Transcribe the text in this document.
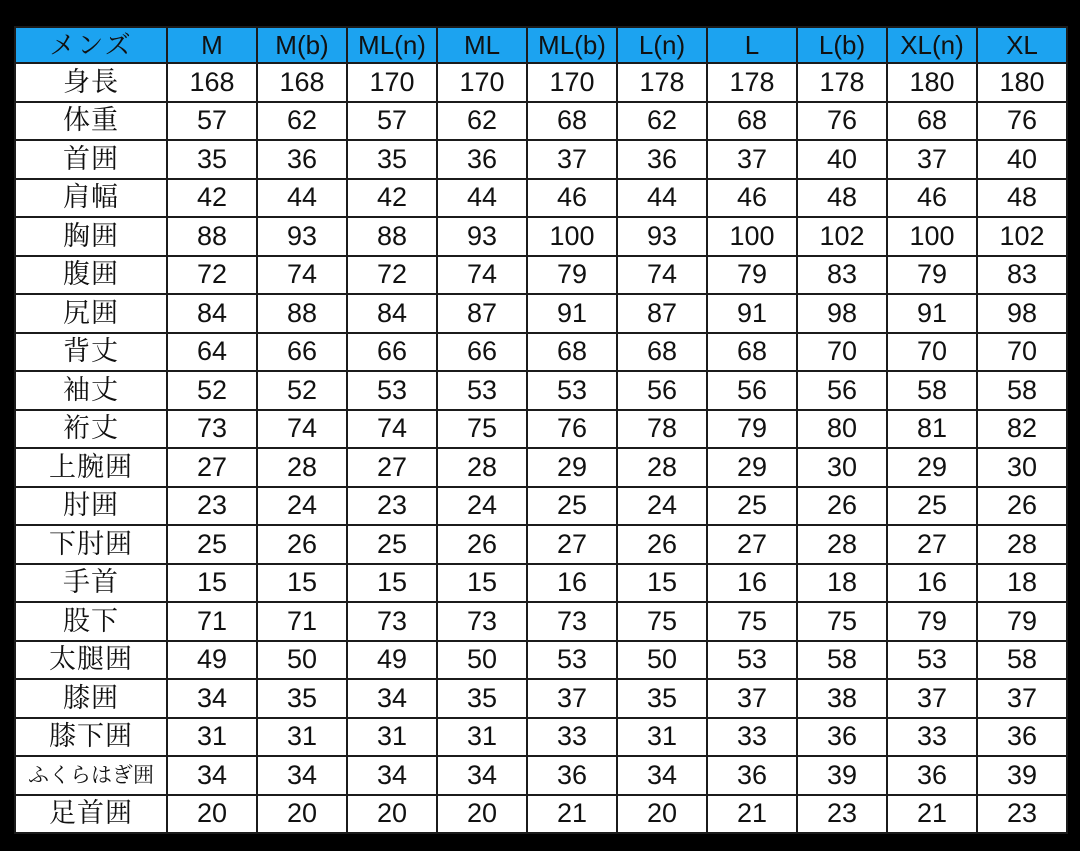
メンズ	M	M(b)	ML(n)	ML	ML(b)	L(n)	L	L(b)	XL(n)	XL
身長	168	168	170	170	170	178	178	178	180	180
体重	57	62	57	62	68	62	68	76	68	76
首囲	35	36	35	36	37	36	37	40	37	40
肩幅	42	44	42	44	46	44	46	48	46	48
胸囲	88	93	88	93	100	93	100	102	100	102
腹囲	72	74	72	74	79	74	79	83	79	83
尻囲	84	88	84	87	91	87	91	98	91	98
背丈	64	66	66	66	68	68	68	70	70	70
袖丈	52	52	53	53	53	56	56	56	58	58
裄丈	73	74	74	75	76	78	79	80	81	82
上腕囲	27	28	27	28	29	28	29	30	29	30
肘囲	23	24	23	24	25	24	25	26	25	26
下肘囲	25	26	25	26	27	26	27	28	27	28
手首	15	15	15	15	16	15	16	18	16	18
股下	71	71	73	73	73	75	75	75	79	79
太腿囲	49	50	49	50	53	50	53	58	53	58
膝囲	34	35	34	35	37	35	37	38	37	37
膝下囲	31	31	31	31	33	31	33	36	33	36
ふくらはぎ囲	34	34	34	34	36	34	36	39	36	39
足首囲	20	20	20	20	21	20	21	23	21	23
